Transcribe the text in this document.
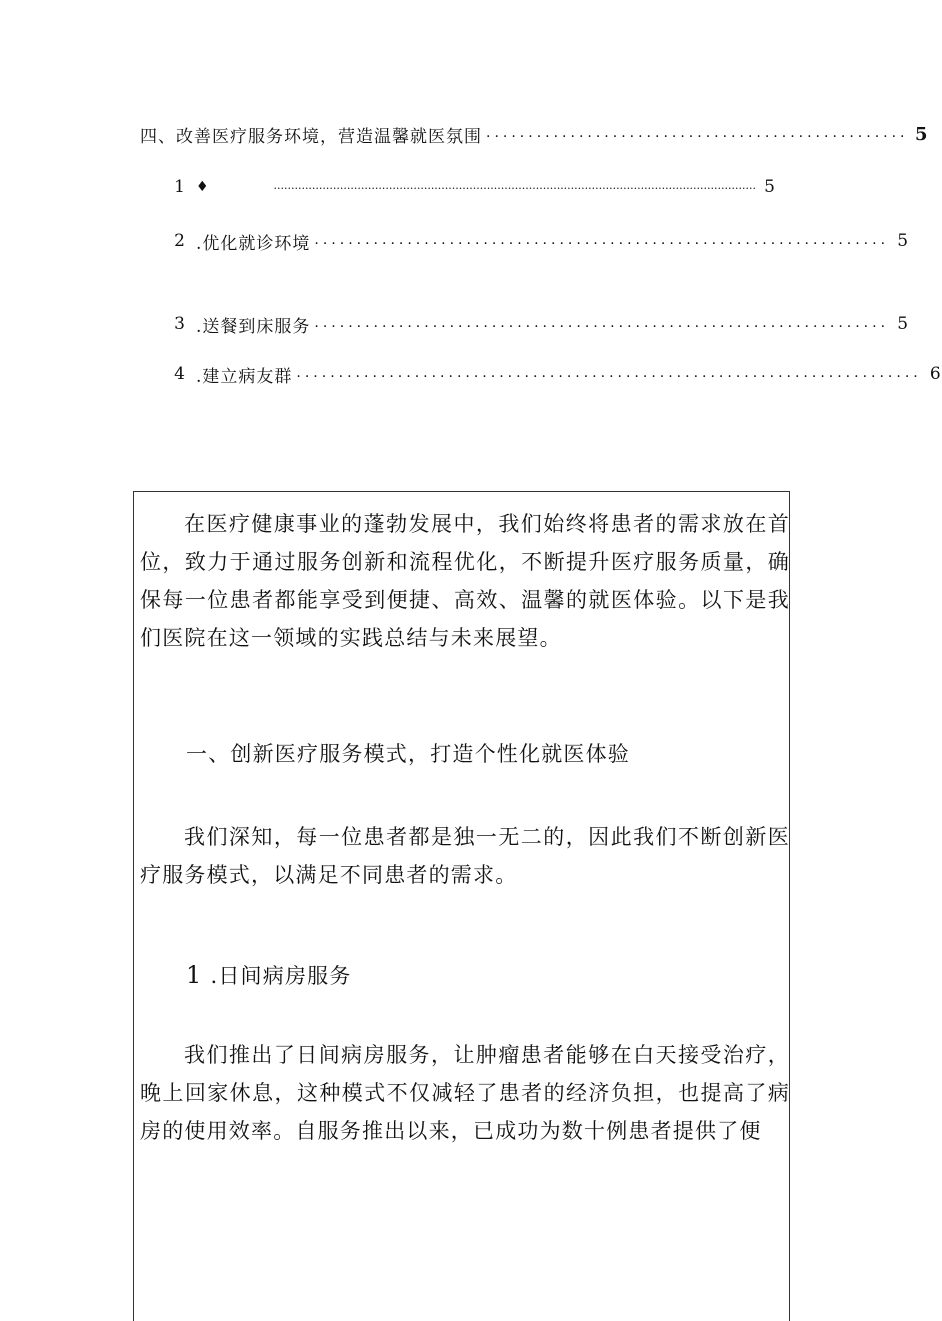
四、改善医疗服务环境，营造温馨就医氛围 .................................................. 5
1 ♦	.......................................................................................................................................... 5
2 .优化就诊环境 .................................................................... 5
3 .送餐到床服务 .................................................................... 5
4 .建立病友群 .......................................................................... 6

在医疗健康事业的蓬勃发展中，我们始终将患者的需求放在首位，致力于通过服务创新和流程优化，不断提升医疗服务质量，确保每一位患者都能享受到便捷、高效、温馨的就医体验。以下是我们医院在这一领域的实践总结与未来展望。

一、创新医疗服务模式，打造个性化就医体验

我们深知，每一位患者都是独一无二的，因此我们不断创新医疗服务模式，以满足不同患者的需求。

1 .日间病房服务

我们推出了日间病房服务，让肿瘤患者能够在白天接受治疗，晚上回家休息，这种模式不仅减轻了患者的经济负担，也提高了病房的使用效率。自服务推出以来，已成功为数十例患者提供了便
